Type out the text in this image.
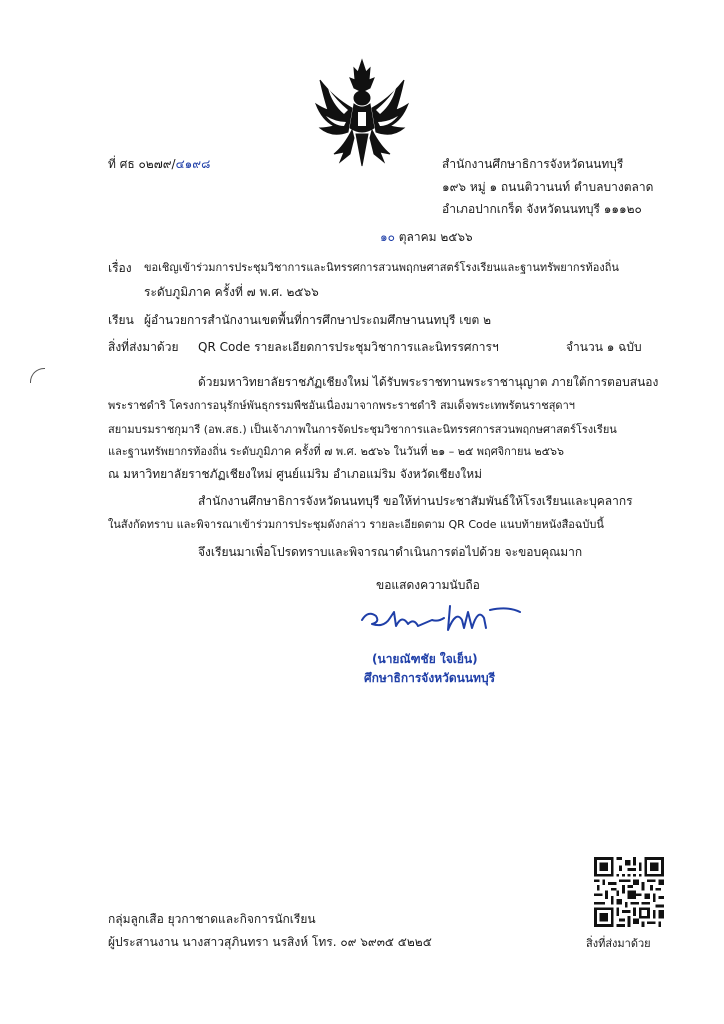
ที่ ศธ ๐๒๗๙/๔๑๙๘	สำนักงานศึกษาธิการจังหวัดนนทบุรี
๑๙๖ หมู่ ๑ ถนนติวานนท์ ตำบลบางตลาด
อำเภอปากเกร็ด จังหวัดนนทบุรี ๑๑๑๒๐
๑๐ ตุลาคม ๒๕๖๖
เรื่อง ขอเชิญเข้าร่วมการประชุมวิชาการและนิทรรศการสวนพฤกษศาสตร์โรงเรียนและฐานทรัพยากรท้องถิ่น
ระดับภูมิภาค ครั้งที่ ๗ พ.ศ. ๒๕๖๖
เรียน ผู้อำนวยการสำนักงานเขตพื้นที่การศึกษาประถมศึกษานนทบุรี เขต ๒
สิ่งที่ส่งมาด้วย QR Code รายละเอียดการประชุมวิชาการและนิทรรศการฯ	จำนวน ๑ ฉบับ
ด้วยมหาวิทยาลัยราชภัฏเชียงใหม่ ได้รับพระราชทานพระราชานุญาต ภายใต้การตอบสนอง
พระราชดำริ โครงการอนุรักษ์พันธุกรรมพืชอันเนื่องมาจากพระราชดำริ สมเด็จพระเทพรัตนราชสุดาฯ
สยามบรมราชกุมารี (อพ.สธ.) เป็นเจ้าภาพในการจัดประชุมวิชาการและนิทรรศการสวนพฤกษศาสตร์โรงเรียน
และฐานทรัพยากรท้องถิ่น ระดับภูมิภาค ครั้งที่ ๗ พ.ศ. ๒๕๖๖ ในวันที่ ๒๑ – ๒๕ พฤศจิกายน ๒๕๖๖
ณ มหาวิทยาลัยราชภัฏเชียงใหม่ ศูนย์แม่ริม อำเภอแม่ริม จังหวัดเชียงใหม่
สำนักงานศึกษาธิการจังหวัดนนทบุรี ขอให้ท่านประชาสัมพันธ์ให้โรงเรียนและบุคลากร
ในสังกัดทราบ และพิจารณาเข้าร่วมการประชุมดังกล่าว รายละเอียดตาม QR Code แนบท้ายหนังสือฉบับนี้
จึงเรียนมาเพื่อโปรดทราบและพิจารณาดำเนินการต่อไปด้วย จะขอบคุณมาก
ขอแสดงความนับถือ
(นายณัฑชัย ใจเย็น)
ศึกษาธิการจังหวัดนนทบุรี
สิ่งที่ส่งมาด้วย
กลุ่มลูกเสือ ยุวกาชาดและกิจการนักเรียน
ผู้ประสานงาน นางสาวสุภินทรา นรสิงห์ โทร. ๐๙ ๖๙๓๕ ๕๒๒๕
